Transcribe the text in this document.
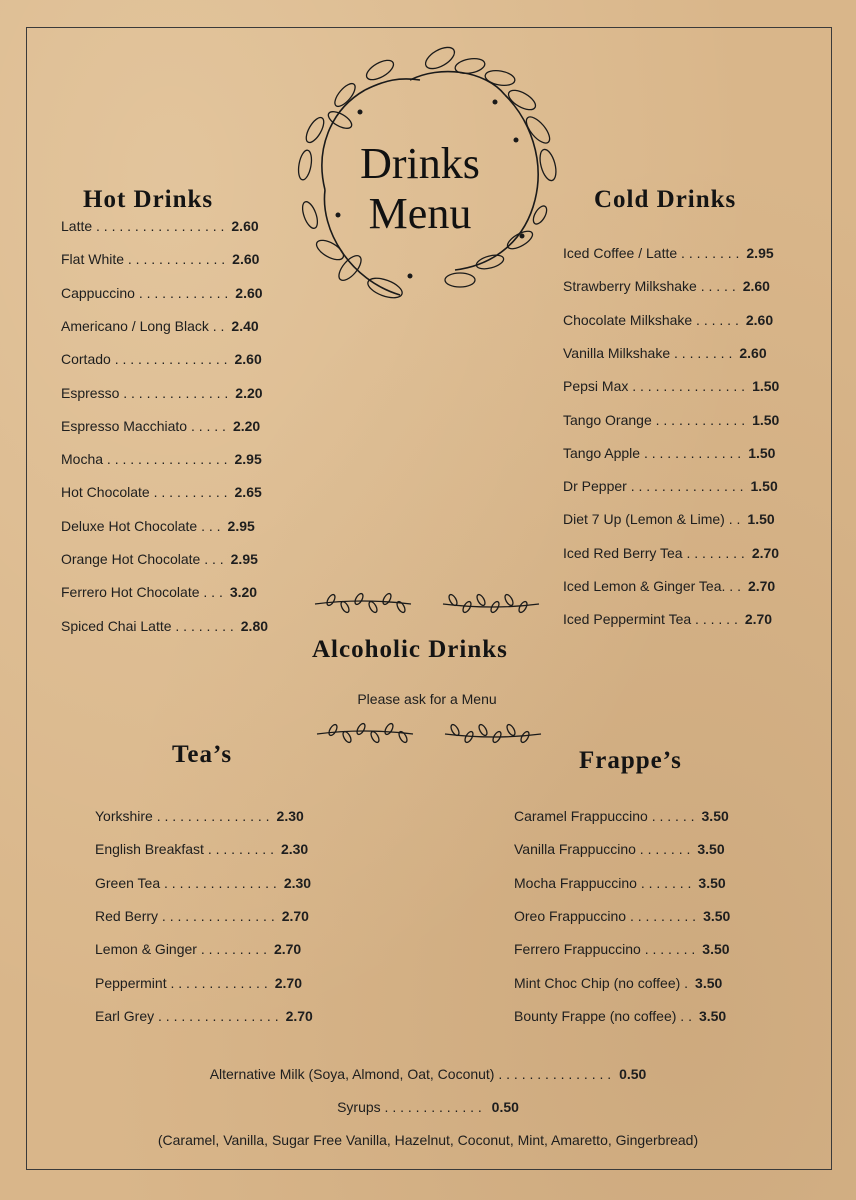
Drinks
Menu
Hot Drinks
Latte . . . . . . . . . . . . . . . . . 2.60
Flat White . . . . . . . . . . . . . 2.60
Cappuccino . . . . . . . . . . . . 2.60
Americano / Long Black . . 2.40
Cortado . . . . . . . . . . . . . . . 2.60
Espresso . . . . . . . . . . . . . . 2.20
Espresso Macchiato . . . . . 2.20
Mocha . . . . . . . . . . . . . . . . 2.95
Hot Chocolate . . . . . . . . . . 2.65
Deluxe Hot Chocolate . . . 2.95
Orange Hot Chocolate . . . 2.95
Ferrero Hot Chocolate . . . 3.20
Spiced Chai Latte . . . . . . . . 2.80
Cold Drinks
Iced Coffee / Latte . . . . . . . . 2.95
Strawberry Milkshake . . . . . 2.60
Chocolate Milkshake . . . . . . 2.60
Vanilla Milkshake . . . . . . . . 2.60
Pepsi Max . . . . . . . . . . . . . . . 1.50
Tango Orange . . . . . . . . . . . . 1.50
Tango Apple . . . . . . . . . . . . . 1.50
Dr Pepper . . . . . . . . . . . . . . . 1.50
Diet 7 Up (Lemon & Lime) . . 1.50
Iced Red Berry Tea . . . . . . . . 2.70
Iced Lemon & Ginger Tea. . . 2.70
Iced Peppermint Tea . . . . . . 2.70
Alcoholic Drinks
Please ask for a Menu
Tea’s
Yorkshire . . . . . . . . . . . . . . . 2.30
English Breakfast . . . . . . . . . 2.30
Green Tea . . . . . . . . . . . . . . . 2.30
Red Berry . . . . . . . . . . . . . . . 2.70
Lemon & Ginger . . . . . . . . . 2.70
Peppermint . . . . . . . . . . . . . 2.70
Earl Grey . . . . . . . . . . . . . . . . 2.70
Frappe’s
Caramel Frappuccino . . . . . . 3.50
Vanilla Frappuccino . . . . . . . 3.50
Mocha Frappuccino . . . . . . . 3.50
Oreo Frappuccino . . . . . . . . . 3.50
Ferrero Frappuccino . . . . . . . 3.50
Mint Choc Chip (no coffee) . 3.50
Bounty Frappe (no coffee) . . 3.50
Alternative Milk (Soya, Almond, Oat, Coconut) . . . . . . . . . . . . . . . 0.50
Syrups . . . . . . . . . . . . . 0.50
(Caramel, Vanilla, Sugar Free Vanilla, Hazelnut, Coconut, Mint, Amaretto, Gingerbread)
